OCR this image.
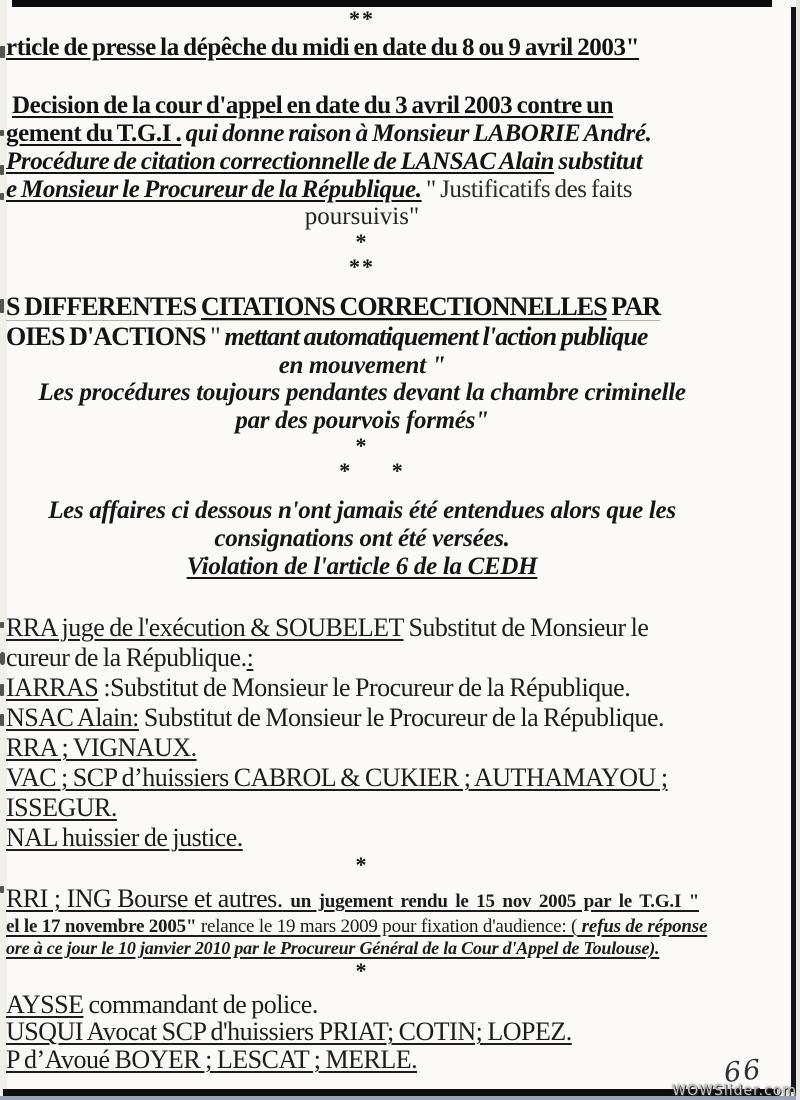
**
rticle de presse la dépêche du midi en date du 8 ou 9 avril 2003"
Decision de la cour d'appel en date du 3 avril 2003 contre un
gement du T.G.I . qui donne raison à Monsieur LABORIE André.
Procédure de citation correctionnelle de LANSAC Alain substitut
e Monsieur le Procureur de la République. " Justificatifs des faits
poursuivis"
*
**
S DIFFERENTES CITATIONS CORRECTIONNELLES PAR
OIES D'ACTIONS " mettant automatiquement l'action publique
en mouvement "
Les procédures toujours pendantes devant la chambre criminelle
par des pourvois formés"
*
* *
Les affaires ci dessous n'ont jamais été entendues alors que les
consignations ont été versées.
Violation de l'article 6 de la CEDH
RRA juge de l'exécution & SOUBELET Substitut de Monsieur le
cureur de la République.:
IARRAS :Substitut de Monsieur le Procureur de la République.
NSAC Alain: Substitut de Monsieur le Procureur de la République.
RRA ; VIGNAUX.
VAC ; SCP d’huissiers CABROL & CUKIER ; AUTHAMAYOU ;
ISSEGUR.
NAL huissier de justice.
*
RRI ; ING Bourse et autres. un jugement rendu le 15 nov 2005 par le T.G.I "
el le 17 novembre 2005" relance le 19 mars 2009 pour fixation d'audience: ( refus de réponse
ore à ce jour le 10 janvier 2010 par le Procureur Général de la Cour d'Appel de Toulouse).
*
AYSSE commandant de police.
USQUI Avocat SCP d'huissiers PRIAT; COTIN; LOPEZ.
P d’Avoué BOYER ; LESCAT ; MERLE.	66
WOWSlider.com
